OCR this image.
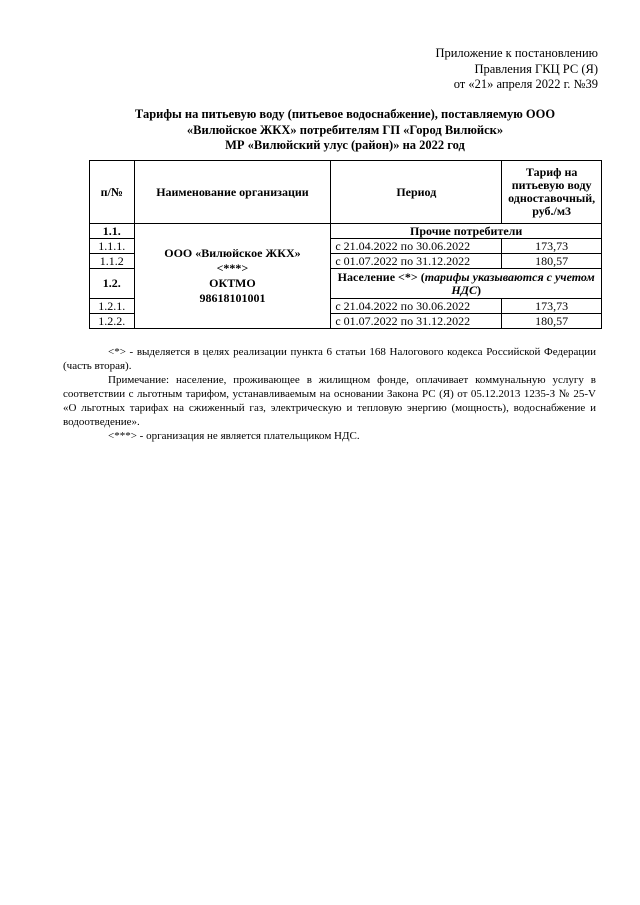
Приложение к постановлению
Правления ГКЦ РС (Я)
от «21» апреля 2022 г. №39
Тарифы на питьевую воду (питьевое водоснабжение), поставляемую ООО
«Вилюйское ЖКХ» потребителям ГП «Город Вилюйск»
МР «Вилюйский улус (район)» на 2022 год
п/№	Наименование организации	Период	Тариф на питьевую воду одноставочный, руб./м3
1.1.	ООО «Вилюйское ЖКХ»
<***>
ОКТМО
98618101001	Прочие потребители	
1.1.1.		с 21.04.2022 по 30.06.2022	173,73
1.1.2		с 01.07.2022 по 31.12.2022	180,57
1.2.		Население <*> (тарифы указываются с учетом НДС)	
1.2.1.		с 21.04.2022 по 30.06.2022	173,73
1.2.2.		с 01.07.2022 по 31.12.2022	180,57

<*> - выделяется в целях реализации пункта 6 статьи 168 Налогового кодекса Российской Федерации (часть вторая).

Примечание: население, проживающее в жилищном фонде, оплачивает коммунальную услугу в соответствии с льготным тарифом, устанавливаемым на основании Закона РС (Я) от 05.12.2013 1235-З № 25-V «О льготных тарифах на сжиженный газ, электрическую и тепловую энергию (мощность), водоснабжение и водоотведение».

<***> - организация не является плательщиком НДС.
